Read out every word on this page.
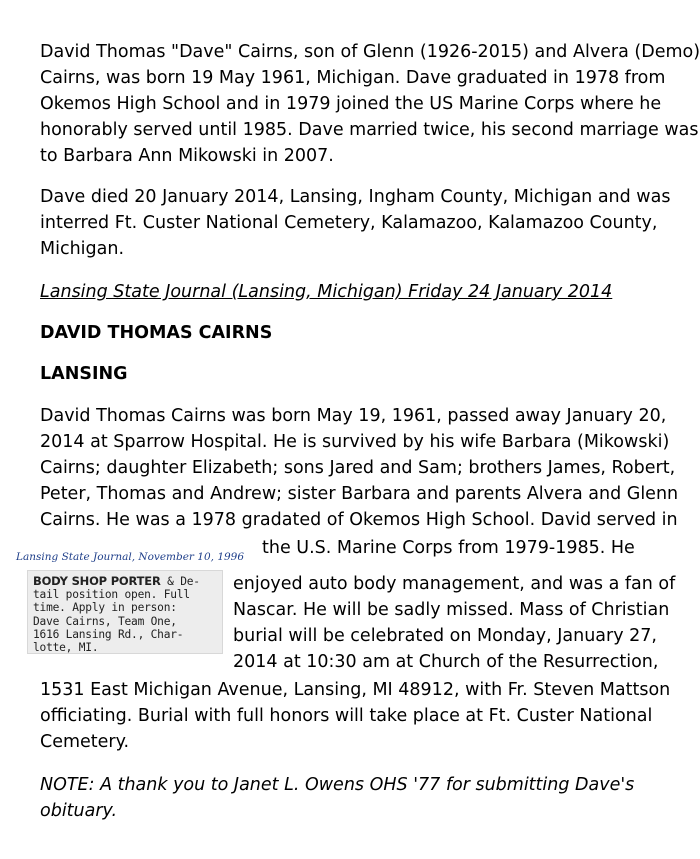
David Thomas "Dave" Cairns, son of Glenn (1926-2015) and Alvera (Demo)
Cairns, was born 19 May 1961, Michigan. Dave graduated in 1978 from
Okemos High School and in 1979 joined the US Marine Corps where he
honorably served until 1985. Dave married twice, his second marriage was
to Barbara Ann Mikowski in 2007.
Dave died 20 January 2014, Lansing, Ingham County, Michigan and was
interred Ft. Custer National Cemetery, Kalamazoo, Kalamazoo County,
Michigan.
Lansing State Journal (Lansing, Michigan) Friday 24 January 2014
DAVID THOMAS CAIRNS
LANSING
David Thomas Cairns was born May 19, 1961, passed away January 20,
2014 at Sparrow Hospital. He is survived by his wife Barbara (Mikowski)
Cairns; daughter Elizabeth; sons Jared and Sam; brothers James, Robert,
Peter, Thomas and Andrew; sister Barbara and parents Alvera and Glenn
Cairns. He was a 1978 gradated of Okemos High School. David served in
the U.S. Marine Corps from 1979-1985. He
enjoyed auto body management, and was a fan of
Nascar. He will be sadly missed. Mass of Christian
burial will be celebrated on Monday, January 27,
2014 at 10:30 am at Church of the Resurrection,
1531 East Michigan Avenue, Lansing, MI 48912, with Fr. Steven Mattson
officiating. Burial with full honors will take place at Ft. Custer National
Cemetery.
NOTE: A thank you to Janet L. Owens OHS '77 for submitting Dave's
obituary.
Lansing State Journal, November 10, 1996
BODY SHOP PORTER & De-
tail position open. Full
time. Apply in person:
Dave Cairns, Team One,
1616 Lansing Rd., Char-
lotte, MI.
